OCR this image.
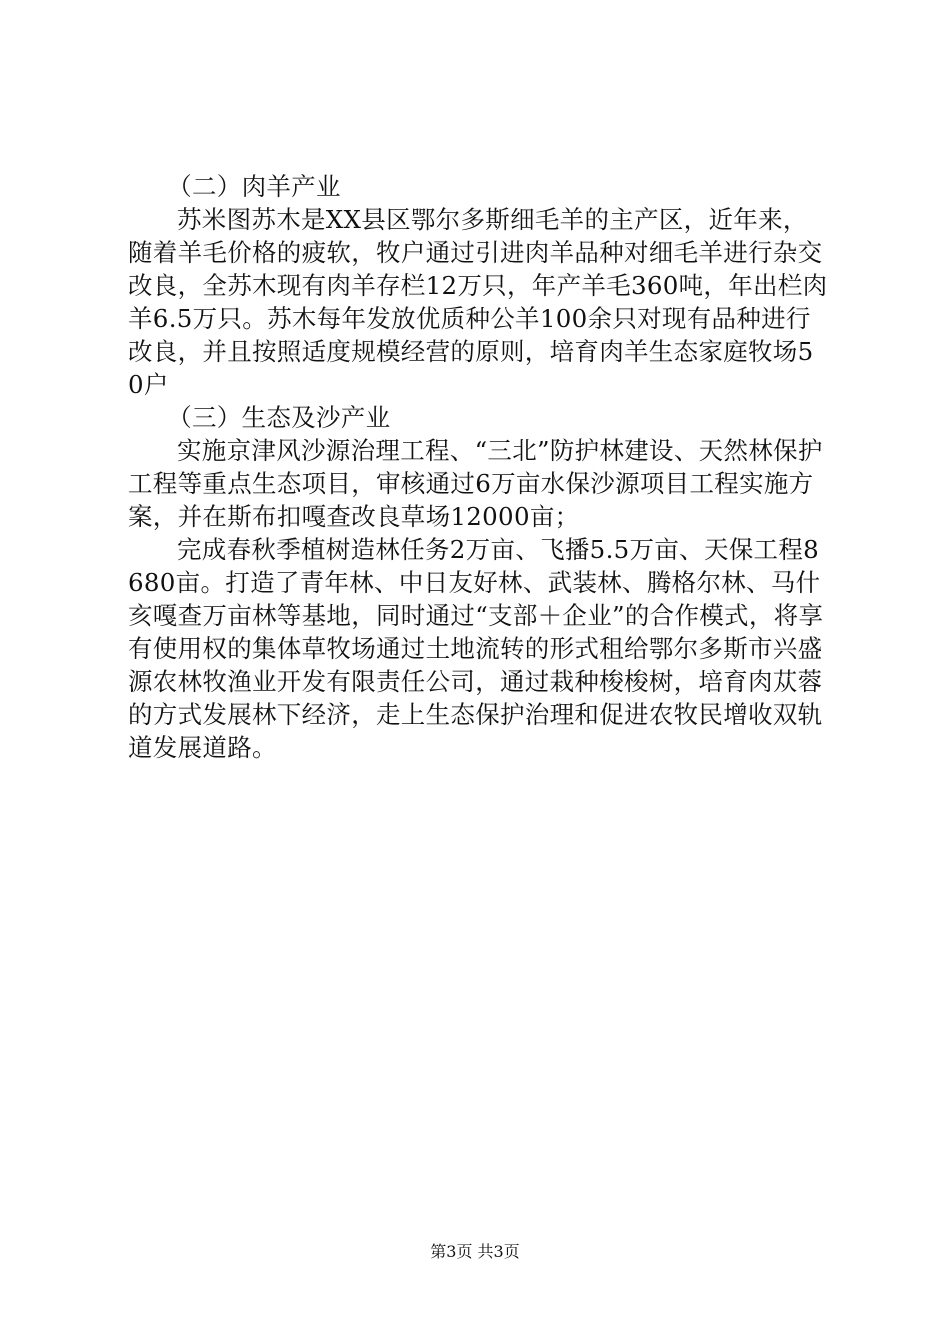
（二）肉羊产业

苏米图苏木是XX县区鄂尔多斯细毛羊的主产区，近年来，随着羊毛价格的疲软，牧户通过引进肉羊品种对细毛羊进行杂交改良，全苏木现有肉羊存栏12万只，年产羊毛360吨，年出栏肉羊6.5万只。苏木每年发放优质种公羊100余只对现有品种进行改良，并且按照适度规模经营的原则，培育肉羊生态家庭牧场50户

（三）生态及沙产业

实施京津风沙源治理工程、“三北”防护林建设、天然林保护工程等重点生态项目，审核通过6万亩水保沙源项目工程实施方案，并在斯布扣嘎查改良草场12000亩；

完成春秋季植树造林任务2万亩、飞播5.5万亩、天保工程8680亩。打造了青年林、中日友好林、武装林、腾格尔林、马什亥嘎查万亩林等基地，同时通过“支部＋企业”的合作模式，将享有使用权的集体草牧场通过土地流转的形式租给鄂尔多斯市兴盛源农林牧渔业开发有限责任公司，通过栽种梭梭树，培育肉苁蓉的方式发展林下经济，走上生态保护治理和促进农牧民增收双轨道发展道路。

第3页 共3页
